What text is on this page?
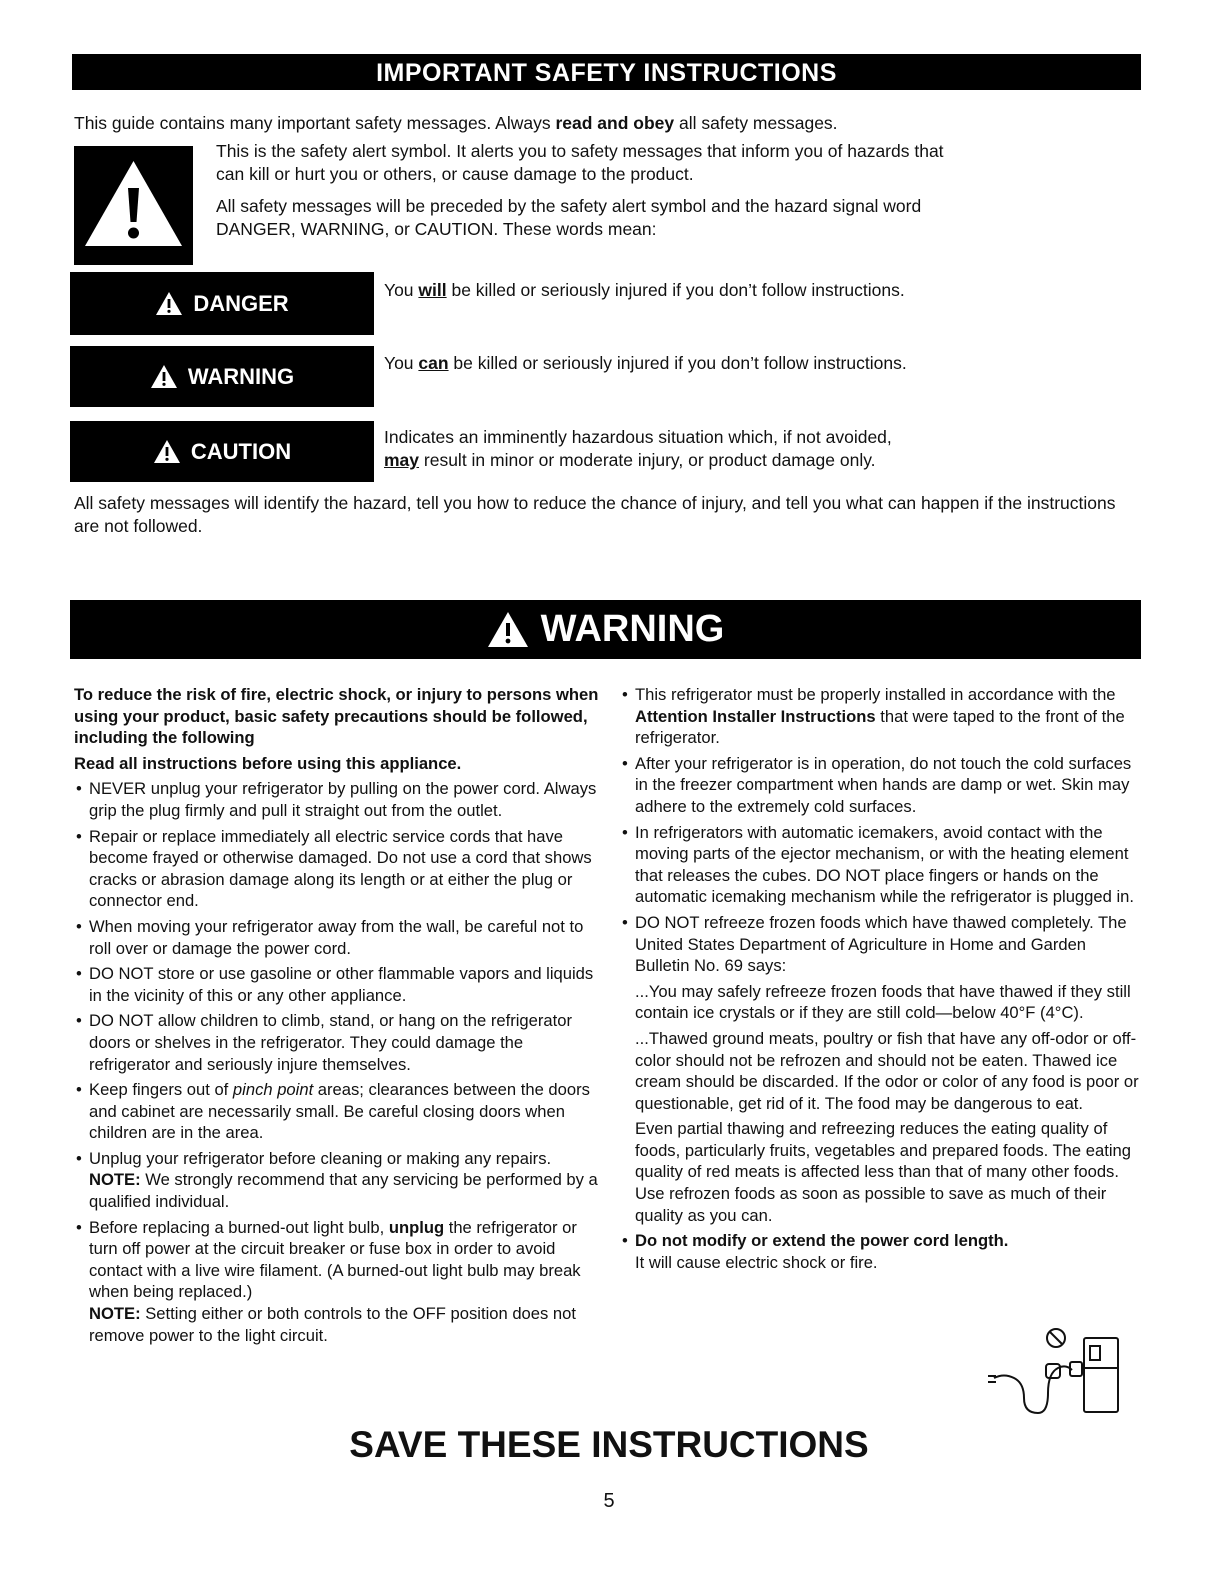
IMPORTANT SAFETY INSTRUCTIONS

This guide contains many important safety messages. Always read and obey all safety messages.

This is the safety alert symbol. It alerts you to safety messages that inform you of hazards that can kill or hurt you or others, or cause damage to the product.

All safety messages will be preceded by the safety alert symbol and the hazard signal word DANGER, WARNING, or CAUTION. These words mean:

DANGER

You will be killed or seriously injured if you don’t follow instructions.

WARNING

You can be killed or seriously injured if you don’t follow instructions.

CAUTION

Indicates an imminently hazardous situation which, if not avoided,
may result in minor or moderate injury, or product damage only.

All safety messages will identify the hazard, tell you how to reduce the chance of injury, and tell you what can happen if the instructions are not followed.

WARNING

To reduce the risk of fire, electric shock, or injury to persons when using your product, basic safety precautions should be followed, including the following

Read all instructions before using this appliance.

• NEVER unplug your refrigerator by pulling on the power cord. Always grip the plug firmly and pull it straight out from the outlet.
• Repair or replace immediately all electric service cords that have become frayed or otherwise damaged. Do not use a cord that shows cracks or abrasion damage along its length or at either the plug or connector end.
• When moving your refrigerator away from the wall, be careful not to roll over or damage the power cord.
• DO NOT store or use gasoline or other flammable vapors and liquids in the vicinity of this or any other appliance.
• DO NOT allow children to climb, stand, or hang on the refrigerator doors or shelves in the refrigerator. They could damage the refrigerator and seriously injure themselves.
• Keep fingers out of pinch point areas; clearances between the doors and cabinet are necessarily small. Be careful closing doors when children are in the area.
• Unplug your refrigerator before cleaning or making any repairs.
NOTE: We strongly recommend that any servicing be performed by a qualified individual.
• Before replacing a burned-out light bulb, unplug the refrigerator or turn off power at the circuit breaker or fuse box in order to avoid contact with a live wire filament. (A burned-out light bulb may break when being replaced.)
NOTE: Setting either or both controls to the OFF position does not remove power to the light circuit.
• This refrigerator must be properly installed in accordance with the Attention Installer Instructions that were taped to the front of the refrigerator.
• After your refrigerator is in operation, do not touch the cold surfaces in the freezer compartment when hands are damp or wet. Skin may adhere to the extremely cold surfaces.
• In refrigerators with automatic icemakers, avoid contact with the moving parts of the ejector mechanism, or with the heating element that releases the cubes. DO NOT place fingers or hands on the automatic icemaking mechanism while the refrigerator is plugged in.
• DO NOT refreeze frozen foods which have thawed completely. The United States Department of Agriculture in Home and Garden Bulletin No. 69 says:

...You may safely refreeze frozen foods that have thawed if they still contain ice crystals or if they are still cold—below 40°F (4°C).

...Thawed ground meats, poultry or fish that have any off-odor or off-color should not be refrozen and should not be eaten. Thawed ice cream should be discarded. If the odor or color of any food is poor or questionable, get rid of it. The food may be dangerous to eat.

Even partial thawing and refreezing reduces the eating quality of foods, particularly fruits, vegetables and prepared foods. The eating quality of red meats is affected less than that of many other foods. Use refrozen foods as soon as possible to save as much of their quality as you can.

• Do not modify or extend the power cord length.
It will cause electric shock or fire.
SAVE THESE INSTRUCTIONS
5
